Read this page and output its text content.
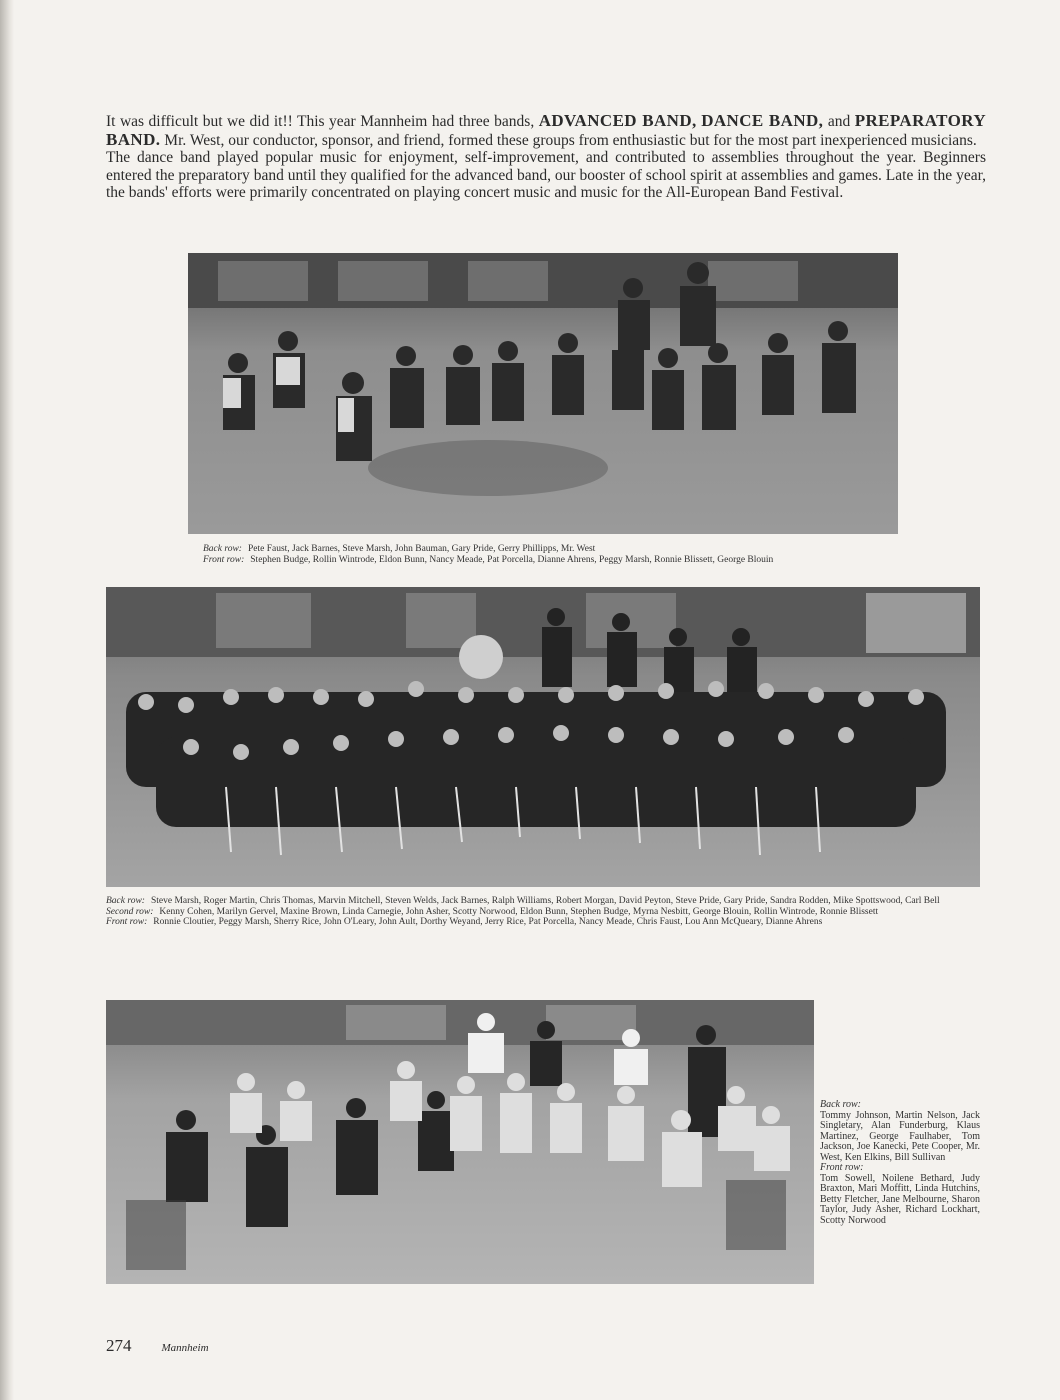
It was difficult but we did it!! This year Mannheim had three bands, ADVANCED BAND, DANCE BAND, and PREPARATORY BAND. Mr. West, our conductor, sponsor, and friend, formed these groups from enthusiastic but for the most part inexperienced musicians.

The dance band played popular music for enjoyment, self-improvement, and contributed to assemblies throughout the year. Beginners entered the preparatory band until they qualified for the advanced band, our booster of school spirit at assemblies and games. Late in the year, the bands' efforts were primarily concentrated on playing concert music and music for the All-European Band Festival.

Back row: Pete Faust, Jack Barnes, Steve Marsh, John Bauman, Gary Pride, Gerry Phillipps, Mr. West
Front row: Stephen Budge, Rollin Wintrode, Eldon Bunn, Nancy Meade, Pat Porcella, Dianne Ahrens, Peggy Marsh, Ronnie Blissett, George Blouin
Back row: Steve Marsh, Roger Martin, Chris Thomas, Marvin Mitchell, Steven Welds, Jack Barnes, Ralph Williams, Robert Morgan, David Peyton, Steve Pride, Gary Pride, Sandra Rodden, Mike Spottswood, Carl Bell
Second row: Kenny Cohen, Marilyn Gervel, Maxine Brown, Linda Carnegie, John Asher, Scotty Norwood, Eldon Bunn, Stephen Budge, Myrna Nesbitt, George Blouin, Rollin Wintrode, Ronnie Blissett
Front row: Ronnie Cloutier, Peggy Marsh, Sherry Rice, John O'Leary, John Ault, Dorthy Weyand, Jerry Rice, Pat Porcella, Nancy Meade, Chris Faust, Lou Ann McQueary, Dianne Ahrens
Back row:
Tommy Johnson, Martin Nelson, Jack Singletary, Alan Funderburg, Klaus Martinez, George Faulhaber, Tom Jackson, Joe Kanecki, Pete Cooper, Mr. West, Ken Elkins, Bill Sullivan
Front row:
Tom Sowell, Noilene Bethard, Judy Braxton, Mari Moffitt, Linda Hutchins, Betty Fletcher, Jane Melbourne, Sharon Taylor, Judy Asher, Richard Lockhart, Scotty Norwood
274	Mannheim
